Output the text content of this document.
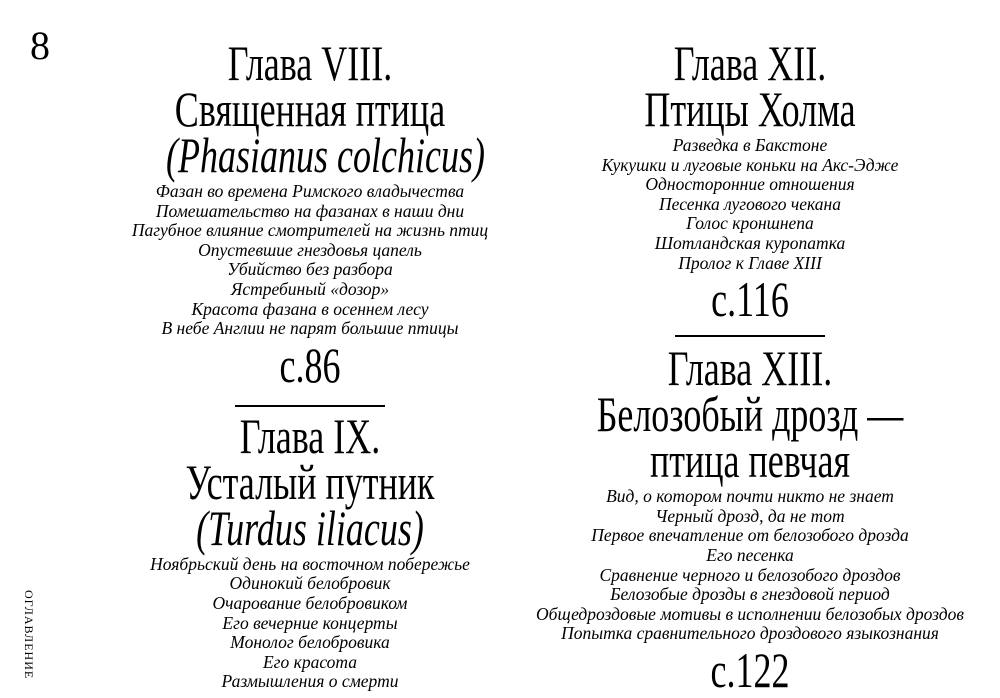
8
ОГЛАВЛЕНИЕ
Глава VIII.
Священная птица
(Phasianus colchicus)
Фазан во времена Римского владычества
Помешательство на фазанах в наши дни
Пагубное влияние смотрителей на жизнь птиц
Опустевшие гнездовья цапель
Убийство без разбора
Ястребиный «дозор»
Красота фазана в осеннем лесу
В небе Англии не парят большие птицы
с.86
Глава IX.
Усталый путник
(Turdus iliacus)
Ноябрьский день на восточном побережье
Одинокий белобровик
Очарование белобровиком
Его вечерние концерты
Монолог белобровика
Его красота
Размышления о смерти
Глава XII.
Птицы Холма
Разведка в Бакстоне
Кукушки и луговые коньки на Акс-Эдже
Односторонние отношения
Песенка лугового чекана
Голос кроншнепа
Шотландская куропатка
Пролог к Главе XIII
с.116
Глава XIII.
Белозобый дрозд —
птица певчая
Вид, о котором почти никто не знает
Черный дрозд, да не тот
Первое впечатление от белозобого дрозда
Его песенка
Сравнение черного и белозобого дроздов
Белозобые дрозды в гнездовой период
Общедроздовые мотивы в исполнении белозобых дроздов
Попытка сравнительного дроздового языкознания
с.122
